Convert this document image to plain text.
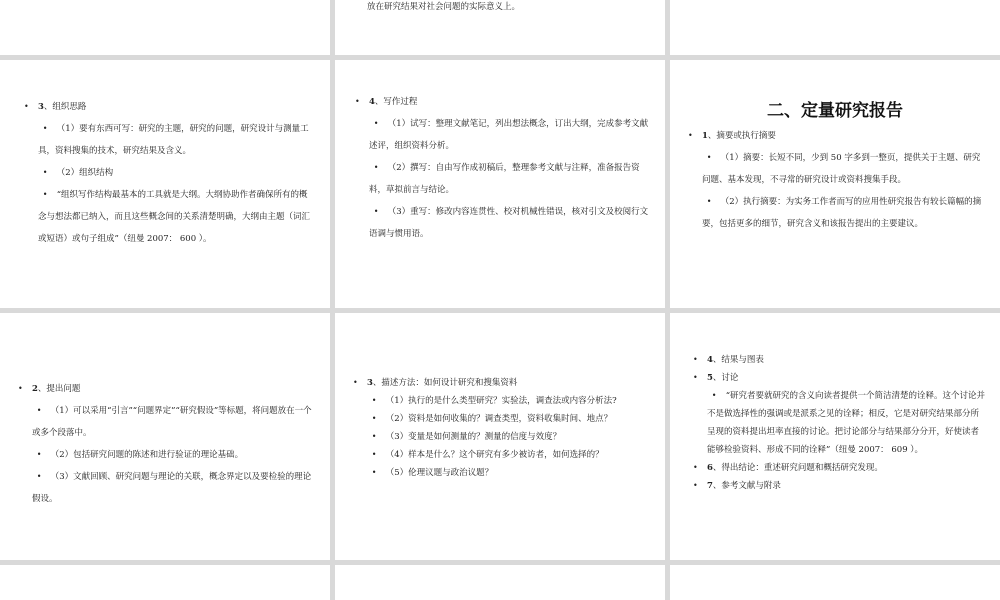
放在研究结果对社会问题的实际意义上。
• 3、组织思路
• （1）要有东西可写：研究的主题，研究的问题，研究设计与测量工具，资料搜集的技术，研究结果及含义。
• （2）组织结构
• “组织写作结构最基本的工具就是大纲。大纲协助作者确保所有的概念与想法都已纳入，而且这些概念间的关系清楚明确，大纲由主题（词汇或短语）或句子组成”（纽曼 2007： 600 ）。
• 4、写作过程
• （1）试写：整理文献笔记，列出想法概念，订出大纲，完成参考文献述评，组织资料分析。
• （2）撰写：自由写作成初稿后，整理参考文献与注释，准备报告资料，草拟前言与结论。
• （3）重写：修改内容连贯性、校对机械性错误，核对引文及校阅行文语调与惯用语。
二、定量研究报告
• 1、摘要或执行摘要
• （1）摘要：长短不同，少到 50 字多到一整页，提供关于主题、研究问题、基本发现，不寻常的研究设计或资料搜集手段。
• （2）执行摘要：为实务工作者而写的应用性研究报告有较长篇幅的摘要，包括更多的细节，研究含义和该报告提出的主要建议。
• 2、提出问题
• （1）可以采用“引言”“问题界定”“研究假设”等标题，将问题放在一个或多个段落中。
• （2）包括研究问题的陈述和进行验证的理论基础。
• （3）文献回顾、研究问题与理论的关联，概念界定以及要检验的理论假设。
• 3、描述方法：如何设计研究和搜集资料
• （1）执行的是什么类型研究？实验法，调查法或内容分析法?
• （2）资料是如何收集的？调查类型，资料收集时间、地点？
• （3）变量是如何测量的？测量的信度与效度？
• （4）样本是什么？这个研究有多少被访者，如何选择的？
• （5）伦理议题与政治议题？
• 4、结果与图表
• 5、讨论
• “研究者要就研究的含义向读者提供一个简洁清楚的诠释。这个讨论并不是做选择性的强调或是派系之见的诠释；相反，它是对研究结果部分所呈现的资料提出坦率直接的讨论。把讨论部分与结果部分分开，好使读者能够检验资料、形成不同的诠释”（纽曼 2007： 609 ）。
• 6、得出结论：重述研究问题和概括研究发现。
• 7、参考文献与附录
